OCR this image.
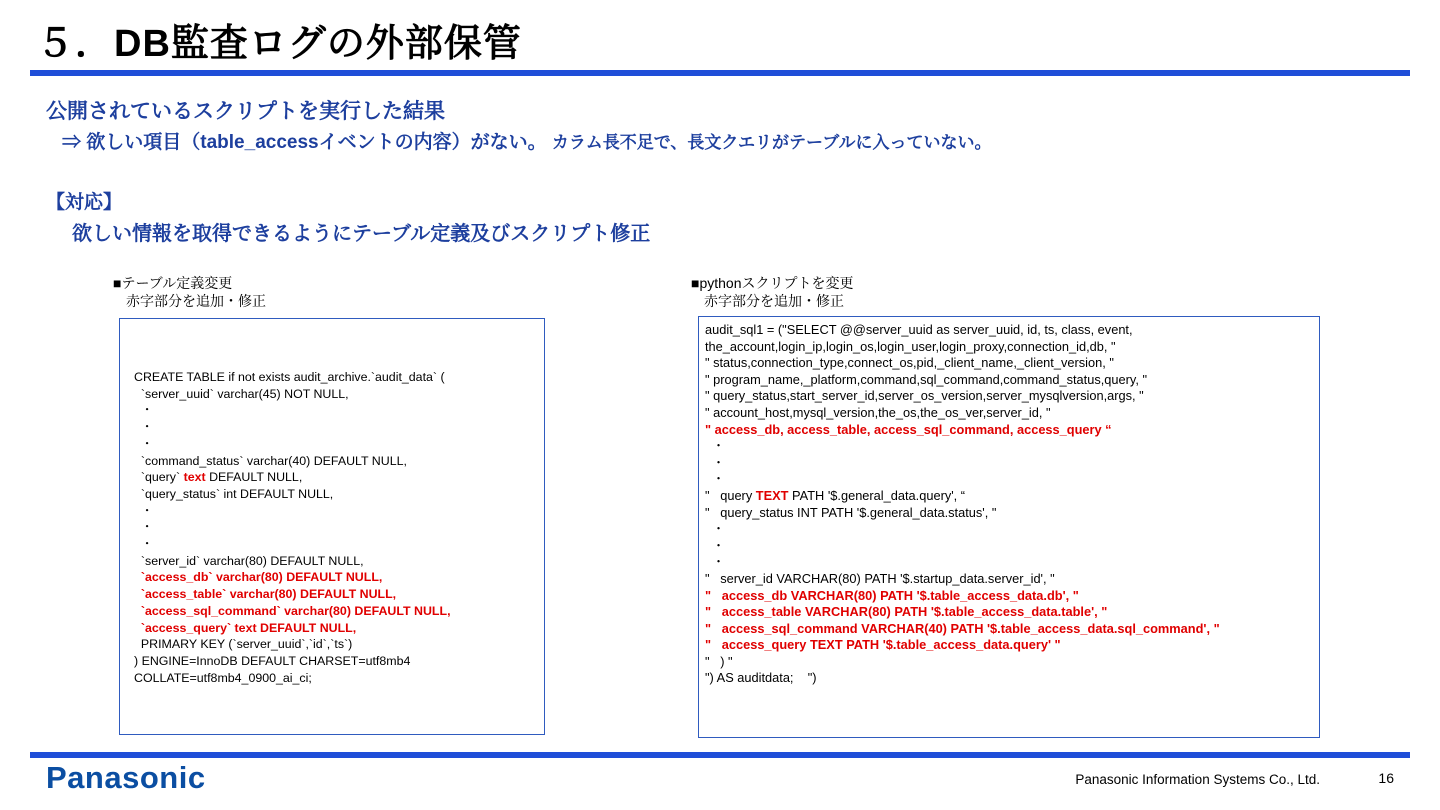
５．DB監査ログの外部保管
公開されているスクリプトを実行した結果
⇒ 欲しい項目（table_accessイベントの内容）がない。 カラム長不足で、長文クエリがテーブルに入っていない。
【対応】
欲しい情報を取得できるようにテーブル定義及びスクリプト修正
■テーブル定義変更
赤字部分を追加・修正
■pythonスクリプトを変更
赤字部分を追加・修正
CREATE TABLE if not exists audit_archive.`audit_data` (
`server_uuid` varchar(45) NOT NULL,
・
・
・
`command_status` varchar(40) DEFAULT NULL,
`query` text DEFAULT NULL,
`query_status` int DEFAULT NULL,
・
・
・
`server_id` varchar(80) DEFAULT NULL,
`access_db` varchar(80) DEFAULT NULL,
`access_table` varchar(80) DEFAULT NULL,
`access_sql_command` varchar(80) DEFAULT NULL,
`access_query` text DEFAULT NULL,
PRIMARY KEY (`server_uuid`,`id`,`ts`)
) ENGINE=InnoDB DEFAULT CHARSET=utf8mb4
COLLATE=utf8mb4_0900_ai_ci;
audit_sql1 = ("SELECT @@server_uuid as server_uuid, id, ts, class, event,
the_account,login_ip,login_os,login_user,login_proxy,connection_id,db, "
" status,connection_type,connect_os,pid,_client_name,_client_version, "
" program_name,_platform,command,sql_command,command_status,query, "
" query_status,start_server_id,server_os_version,server_mysqlversion,args, "
" account_host,mysql_version,the_os,the_os_ver,server_id, "
" access_db, access_table, access_sql_command, access_query “
・
・
・
"   query TEXT PATH '$.general_data.query', “
"   query_status INT PATH '$.general_data.status', "
・
・
・
"   server_id VARCHAR(80) PATH '$.startup_data.server_id', "
"   access_db VARCHAR(80) PATH '$.table_access_data.db', "
"   access_table VARCHAR(80) PATH '$.table_access_data.table', "
"   access_sql_command VARCHAR(40) PATH '$.table_access_data.sql_command', "
"   access_query TEXT PATH '$.table_access_data.query' "
"   ) "
") AS auditdata;    ")
Panasonic	Panasonic Information Systems Co., Ltd.	16
